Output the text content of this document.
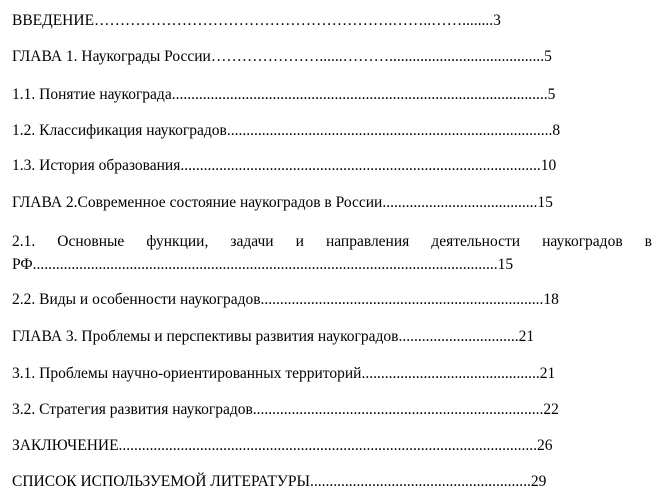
ВВЕДЕНИЕ………………………………………………….……..……........3
ГЛАВА 1. Наукограды России…………………......………........................................5
1.1. Понятие наукограда.................................................................................................5
1.2. Классификация наукоградов....................................................................................8
1.3. История образования.............................................................................................10
ГЛАВА 2.Современное состояние наукоградов в России........................................15
2.1. Основные функции, задачи и направления деятельности наукоградов в
РФ........................................................................................................................15
2.2. Виды и особенности наукоградов.........................................................................18
ГЛАВА 3. Проблемы и перспективы развития наукоградов...............................21
3.1. Проблемы научно-ориентированных территорий..............................................21
3.2. Стратегия развития наукоградов...........................................................................22
ЗАКЛЮЧЕНИЕ............................................................................................................26
СПИСОК ИСПОЛЬЗУЕМОЙ ЛИТЕРАТУРЫ.........................................................29
